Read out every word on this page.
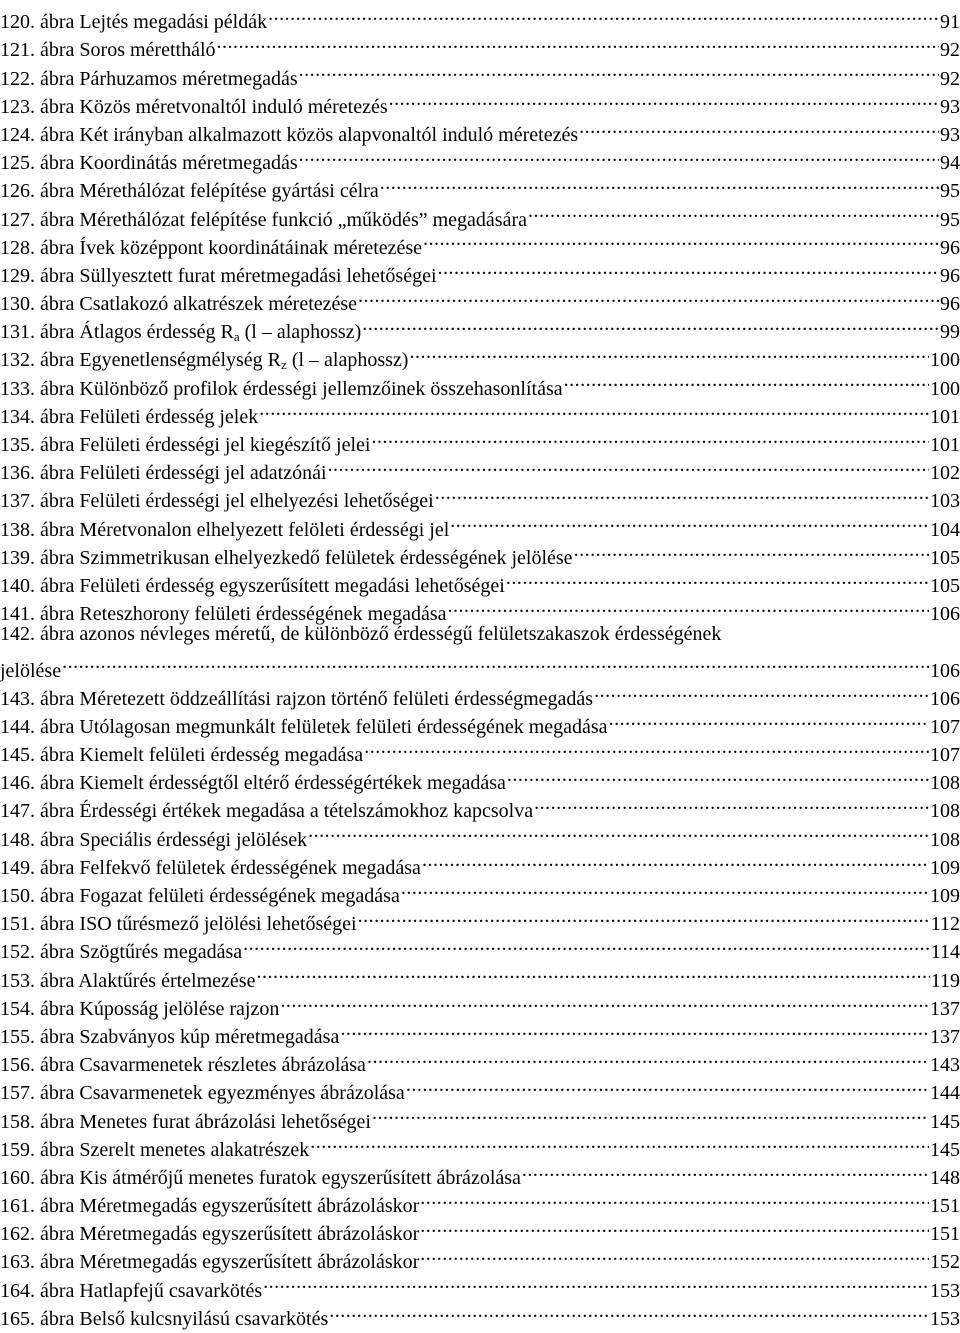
120. ábra Lejtés megadási példák .....	91
121. ábra Soros mérettháló .....	92
122. ábra Párhuzamos méretmegadás .....	92
123. ábra Közös méretvonaltól induló méretezés .....	93
124. ábra Két irányban alkalmazott közös alapvonaltól induló méretezés .....	93
125. ábra Koordinátás méretmegadás .....	94
126. ábra Mérethálózat felépítése gyártási célra .....	95
127. ábra Mérethálózat felépítése funkció „működés” megadására .....	95
128. ábra Ívek középpont koordinátáinak méretezése .....	96
129. ábra Süllyesztett furat méretmegadási lehetőségei .....	96
130. ábra Csatlakozó alkatrészek méretezése .....	96
131. ábra Átlagos érdesség $R_a$ (l – alaphossz) .....	99
132. ábra Egyenetlenségmélység $R_z$ (l – alaphossz) .....	100
133. ábra Különböző profilok érdességi jellemzőinek összehasonlítása .....	100
134. ábra Felületi érdesség jelek .....	101
135. ábra Felületi érdességi jel kiegészítő jelei .....	101
136. ábra Felületi érdességi jel adatzónái .....	102
137. ábra Felületi érdességi jel elhelyezési lehetőségei .....	103
138. ábra Méretvonalon elhelyezett felöleti érdességi jel .....	104
139. ábra Szimmetrikusan elhelyezkedő felületek érdességének jelölése .....	105
140. ábra Felületi érdesség egyszerűsített megadási lehetőségei .....	105
141. ábra Reteszhorony felületi érdességének megadása .....	106
142. ábra azonos névleges méretű, de különböző érdességű felületszakaszok érdességének
jelölése .....	106
143. ábra Méretezett öddzeállítási rajzon történő felületi érdességmegadás .....	106
144. ábra Utólagosan megmunkált felületek felületi érdességének megadása .....	107
145. ábra Kiemelt felületi érdesség megadása .....	107
146. ábra Kiemelt érdességtől eltérő érdességértékek megadása .....	108
147. ábra Érdességi értékek megadása a tételszámokhoz kapcsolva .....	108
148. ábra Speciális érdességi jelölések .....	108
149. ábra Felfekvő felületek érdességének megadása .....	109
150. ábra Fogazat felületi érdességének megadása .....	109
151. ábra ISO tűrésmező jelölési lehetőségei .....	112
152. ábra Szögtűrés megadása .....	114
153. ábra Alaktűrés értelmezése .....	119
154. ábra Kúposság jelölése rajzon .....	137
155. ábra Szabványos kúp méretmegadása .....	137
156. ábra Csavarmenetek részletes ábrázolása .....	143
157. ábra Csavarmenetek egyezményes ábrázolása .....	144
158. ábra Menetes furat ábrázolási lehetőségei .....	145
159. ábra Szerelt menetes alakatrészek .....	145
160. ábra Kis átmérőjű menetes furatok egyszerűsített ábrázolása .....	148
161. ábra Méretmegadás egyszerűsített ábrázoláskor .....	151
162. ábra Méretmegadás egyszerűsített ábrázoláskor .....	151
163. ábra Méretmegadás egyszerűsített ábrázoláskor .....	152
164. ábra Hatlapfejű csavarkötés .....	153
165. ábra Belső kulcsnyilású csavarkötés .....	153
